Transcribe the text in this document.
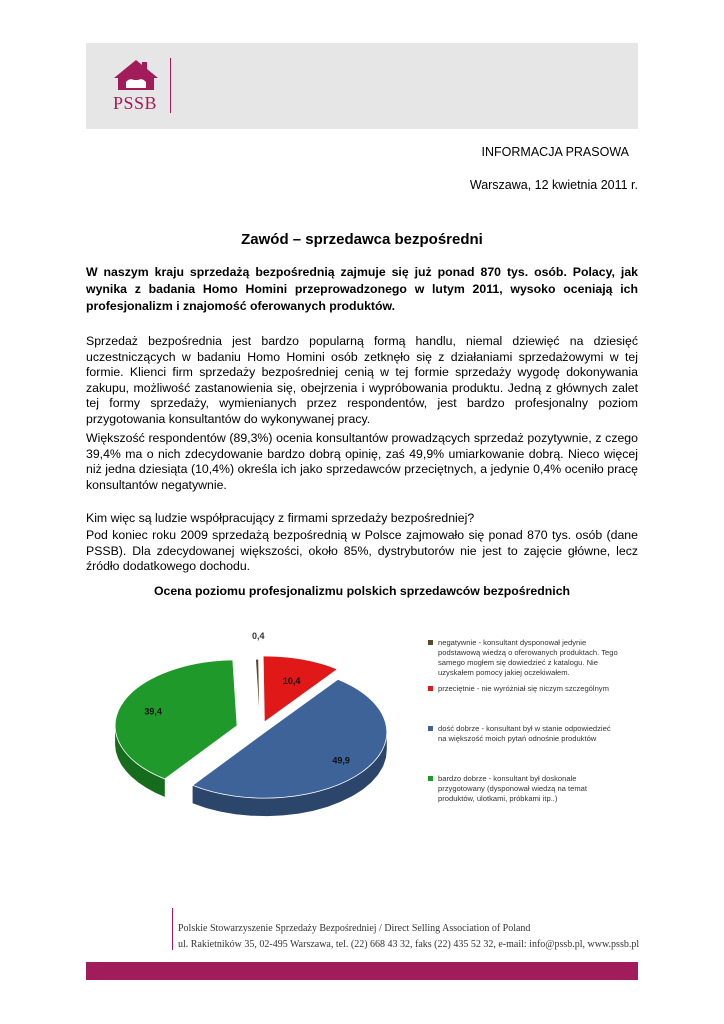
PSSB
INFORMACJA PRASOWA
Warszawa, 12 kwietnia 2011 r.
Zawód – sprzedawca bezpośredni

W naszym kraju sprzedażą bezpośrednią zajmuje się już ponad 870 tys. osób. Polacy, jak wynika z badania Homo Homini przeprowadzonego w lutym 2011, wysoko oceniają ich profesjonalizm i znajomość oferowanych produktów.

Sprzedaż bezpośrednia jest bardzo popularną formą handlu, niemal dziewięć na dziesięć uczestniczących w badaniu Homo Homini osób zetknęło się z działaniami sprzedażowymi w tej formie. Klienci firm sprzedaży bezpośredniej cenią w tej formie sprzedaży wygodę dokonywania zakupu, możliwość zastanowienia się, obejrzenia i wypróbowania produktu. Jedną z głównych zalet tej formy sprzedaży, wymienianych przez respondentów, jest bardzo profesjonalny poziom przygotowania konsultantów do wykonywanej pracy.

Większość respondentów (89,3%) ocenia konsultantów prowadzących sprzedaż pozytywnie, z czego 39,4% ma o nich zdecydowanie bardzo dobrą opinię, zaś 49,9% umiarkowanie dobrą. Nieco więcej niż jedna dziesiąta (10,4%) określa ich jako sprzedawców przeciętnych, a jedynie 0,4% oceniło pracę konsultantów negatywnie.

Kim więc są ludzie współpracujący z firmami sprzedaży bezpośredniej?

Pod koniec roku 2009 sprzedażą bezpośrednią w Polsce zajmowało się ponad 870 tys. osób (dane PSSB). Dla zdecydowanej większości, około 85%, dystrybutorów nie jest to zajęcie główne, lecz źródło dodatkowego dochodu.

Ocena poziomu profesjonalizmu polskich sprzedawców bezpośrednich
0,4
10,4
49,9
39,4
negatywnie - konsultant dysponował jedynie podstawową wiedzą o oferowanych produktach. Tego samego mogłem się dowiedzieć z katalogu. Nie uzyskałem pomocy jakiej oczekiwałem.
przeciętnie - nie wyróżniał się niczym szczególnym
dość dobrze - konsultant był w stanie odpowiedzieć na większość moich pytań odnośnie produktów
bardzo dobrze - konsultant był doskonale przygotowany (dysponował wiedzą na temat produktów, ulotkami, próbkami itp..)
Polskie Stowarzyszenie Sprzedaży Bezpośredniej / Direct Selling Association of Poland
ul. Rakietników 35, 02-495 Warszawa, tel. (22) 668 43 32, faks (22) 435 52 32, e-mail: info@pssb.pl, www.pssb.pl
